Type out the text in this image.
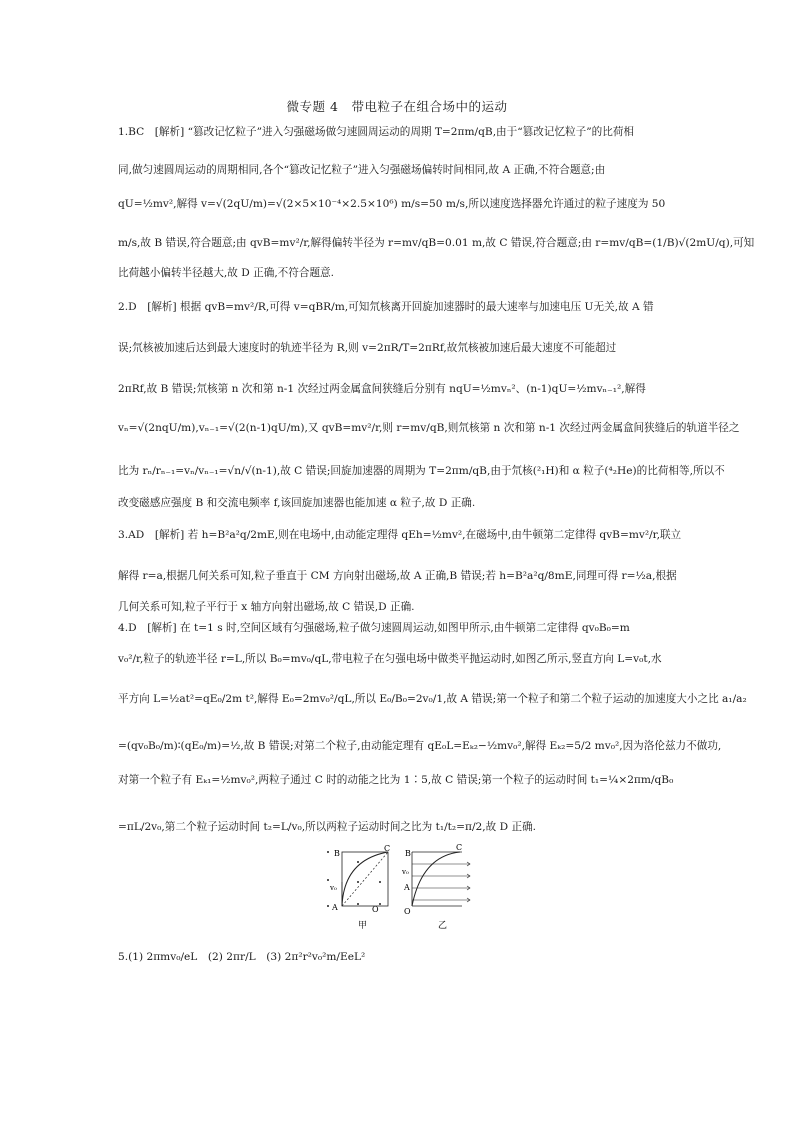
微专题 4　带电粒子在组合场中的运动
1.BC　[解析] “篡改记忆粒子”进入匀强磁场做匀速圆周运动的周期 T=2πm/qB,由于“篡改记忆粒子”的比荷相
同,做匀速圆周运动的周期相同,各个“篡改记忆粒子”进入匀强磁场偏转时间相同,故 A 正确,不符合题意;由
qU=½mv²,解得 v=√(2qU/m)=√(2×5×10⁻⁴×2.5×10⁶) m/s=50 m/s,所以速度选择器允许通过的粒子速度为 50
m/s,故 B 错误,符合题意;由 qvB=mv²/r,解得偏转半径为 r=mv/qB=0.01 m,故 C 错误,符合题意;由 r=mv/qB=(1/B)√(2mU/q),可知
比荷越小偏转半径越大,故 D 正确,不符合题意.
2.D　[解析] 根据 qvB=mv²/R,可得 v=qBR/m,可知氘核离开回旋加速器时的最大速率与加速电压 U无关,故 A 错
误;氘核被加速后达到最大速度时的轨迹半径为 R,则 v=2πR/T=2πRf,故氘核被加速后最大速度不可能超过
2πRf,故 B 错误;氘核第 n 次和第 n-1 次经过两金属盒间狭缝后分别有 nqU=½mvₙ²、(n-1)qU=½mvₙ₋₁²,解得
vₙ=√(2nqU/m),vₙ₋₁=√(2(n-1)qU/m),又 qvB=mv²/r,则 r=mv/qB,则氘核第 n 次和第 n-1 次经过两金属盒间狭缝后的轨道半径之
比为 rₙ/rₙ₋₁=vₙ/vₙ₋₁=√n/√(n-1),故 C 错误;回旋加速器的周期为 T=2πm/qB,由于氘核(²₁H)和 α 粒子(⁴₂He)的比荷相等,所以不
改变磁感应强度 B 和交流电频率 f,该回旋加速器也能加速 α 粒子,故 D 正确.
3.AD　[解析] 若 h=B²a²q/2mE,则在电场中,由动能定理得 qEh=½mv²,在磁场中,由牛顿第二定律得 qvB=mv²/r,联立
解得 r=a,根据几何关系可知,粒子垂直于 CM 方向射出磁场,故 A 正确,B 错误;若 h=B²a²q/8mE,同理可得 r=½a,根据
几何关系可知,粒子平行于 x 轴方向射出磁场,故 C 错误,D 正确.
4.D　[解析] 在 t=1 s 时,空间区域有匀强磁场,粒子做匀速圆周运动,如图甲所示,由牛顿第二定律得 qv₀B₀=m
v₀²/r,粒子的轨迹半径 r=L,所以 B₀=mv₀/qL,带电粒子在匀强电场中做类平抛运动时,如图乙所示,竖直方向 L=v₀t,水
平方向 L=½at²=qE₀/2m t²,解得 E₀=2mv₀²/qL,所以 E₀/B₀=2v₀/1,故 A 错误;第一个粒子和第二个粒子运动的加速度大小之比 a₁/a₂
=(qv₀B₀/m)∶(qE₀/m)=½,故 B 错误;对第二个粒子,由动能定理有 qE₀L=Eₖ₂−½mv₀²,解得 Eₖ₂=5/2 mv₀²,因为洛伦兹力不做功,
对第一个粒子有 Eₖ₁=½mv₀²,两粒子通过 C 时的动能之比为 1∶5,故 C 错误;第一个粒子的运动时间 t₁=¼×2πm/qB₀
=πL/2v₀,第二个粒子运动时间 t₂=L/v₀,所以两粒子运动时间之比为 t₁/t₂=π/2,故 D 正确.
B
C
v₀
A	O
甲
B
C
v₀
A
O
乙
5.(1) 2πmv₀/eL　(2) 2πr/L　(3) 2π²r²v₀²m/EeL²
